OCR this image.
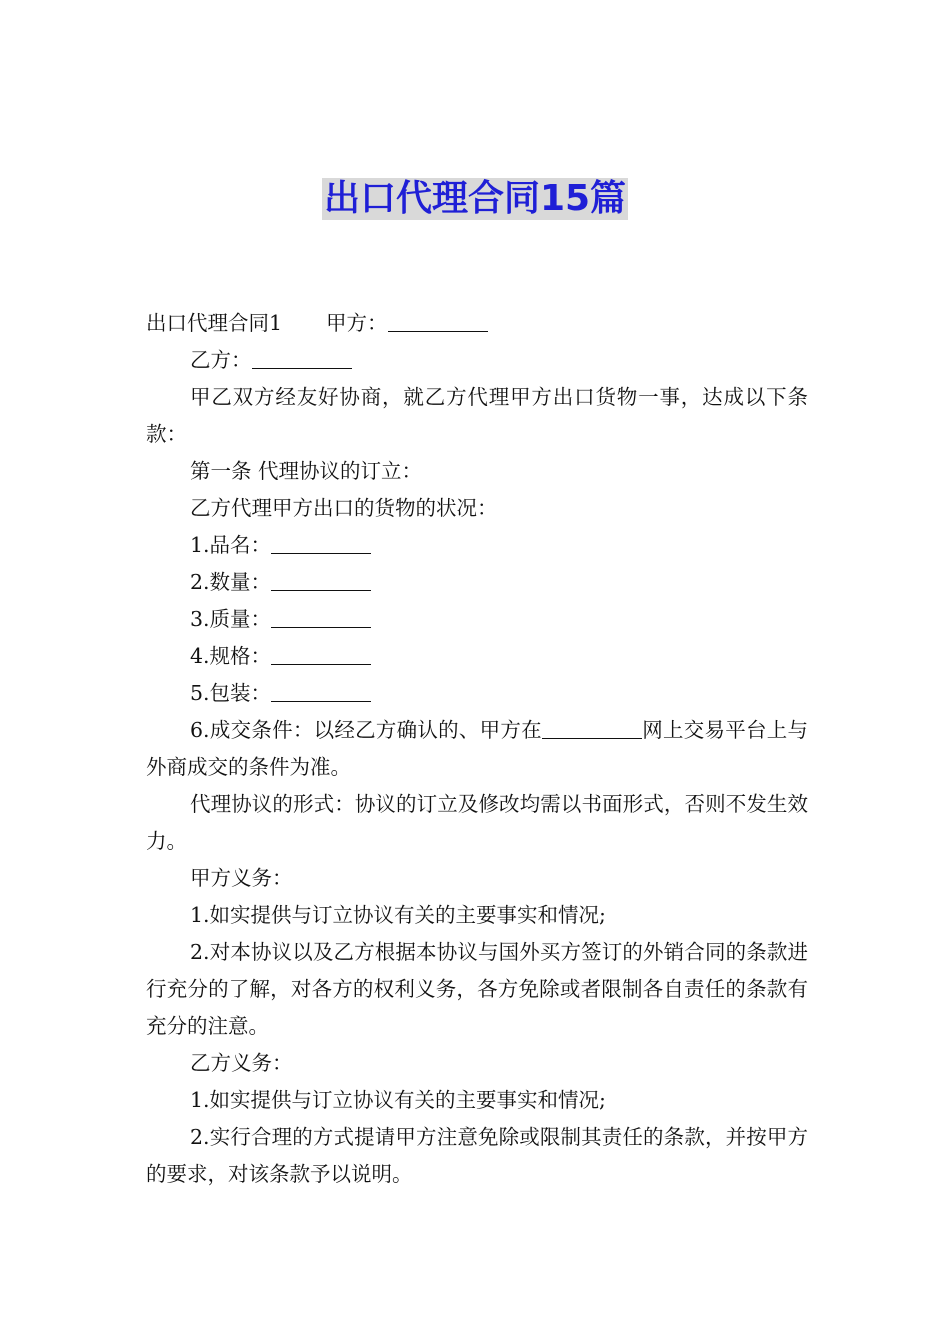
出口代理合同15篇

出口代理合同1 甲方：

乙方：

甲乙双方经友好协商，就乙方代理甲方出口货物一事，达成以下条款：

第一条 代理协议的订立：

乙方代理甲方出口的货物的状况：

1.品名：

2.数量：

3.质量：

4.规格：

5.包装：

6.成交条件：以经乙方确认的、甲方在	网上交易平台上与外商成交的条件为准。

代理协议的形式：协议的订立及修改均需以书面形式，否则不发生效力。

甲方义务：

1.如实提供与订立协议有关的主要事实和情况;

2.对本协议以及乙方根据本协议与国外买方签订的外销合同的条款进行充分的了解，对各方的权利义务，各方免除或者限制各自责任的条款有充分的注意。

乙方义务：

1.如实提供与订立协议有关的主要事实和情况;

2.实行合理的方式提请甲方注意免除或限制其责任的条款，并按甲方的要求，对该条款予以说明。
